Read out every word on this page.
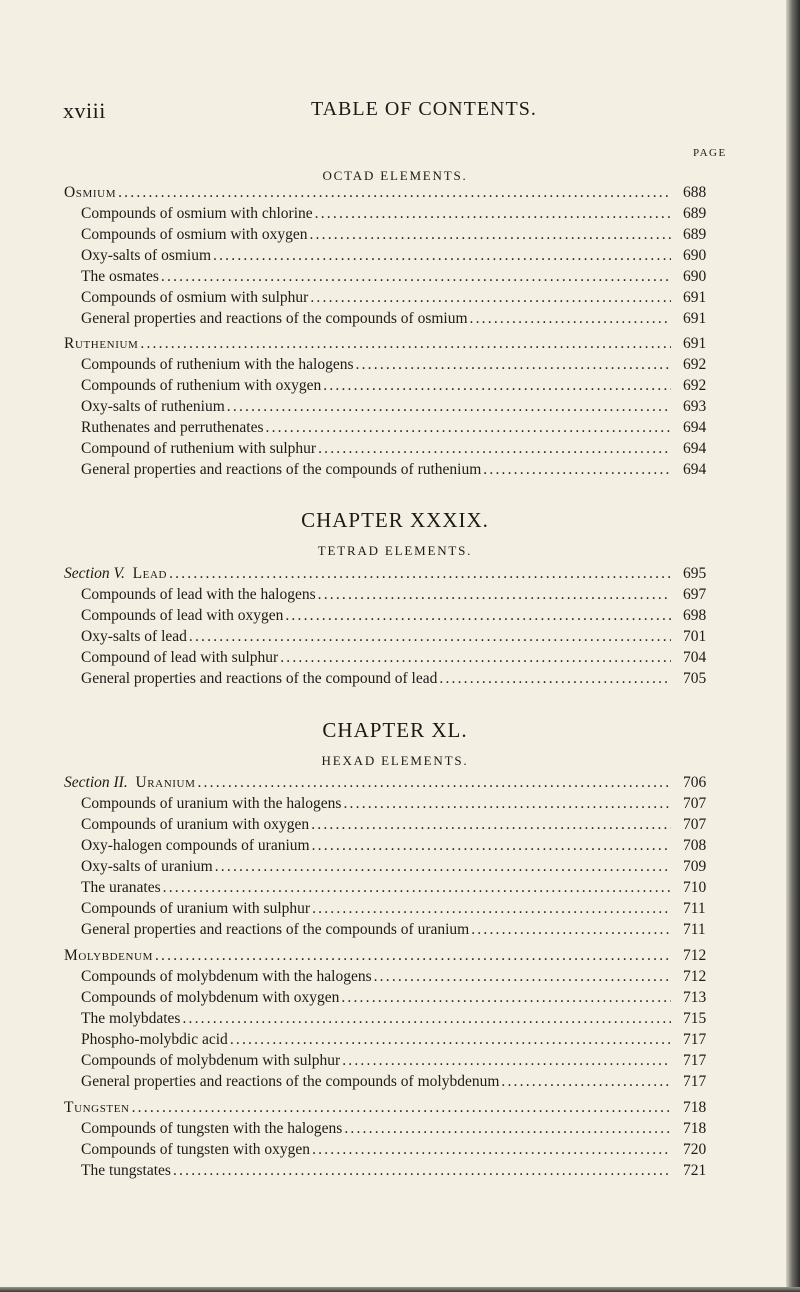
xviii	TABLE OF CONTENTS.
PAGE
OCTAD ELEMENTS.
Osmium .....	688
Compounds of osmium with chlorine .....	689
Compounds of osmium with oxygen .....	689
Oxy-salts of osmium .....	690
The osmates .....	690
Compounds of osmium with sulphur .....	691
General properties and reactions of the compounds of osmium .....	691
Ruthenium .....	691
Compounds of ruthenium with the halogens .....	692
Compounds of ruthenium with oxygen .....	692
Oxy-salts of ruthenium .....	693
Ruthenates and perruthenates .....	694
Compound of ruthenium with sulphur .....	694
General properties and reactions of the compounds of ruthenium .....	694
CHAPTER XXXIX.
TETRAD ELEMENTS.
Section V. Lead .....	695
Compounds of lead with the halogens .....	697
Compounds of lead with oxygen .....	698
Oxy-salts of lead .....	701
Compound of lead with sulphur .....	704
General properties and reactions of the compound of lead .....	705
CHAPTER XL.
HEXAD ELEMENTS.
Section II. Uranium .....	706
Compounds of uranium with the halogens .....	707
Compounds of uranium with oxygen .....	707
Oxy-halogen compounds of uranium .....	708
Oxy-salts of uranium .....	709
The uranates .....	710
Compounds of uranium with sulphur .....	711
General properties and reactions of the compounds of uranium .....	711
Molybdenum .....	712
Compounds of molybdenum with the halogens .....	712
Compounds of molybdenum with oxygen .....	713
The molybdates .....	715
Phospho-molybdic acid .....	717
Compounds of molybdenum with sulphur .....	717
General properties and reactions of the compounds of molybdenum .....	717
Tungsten .....	718
Compounds of tungsten with the halogens .....	718
Compounds of tungsten with oxygen .....	720
The tungstates .....	721
